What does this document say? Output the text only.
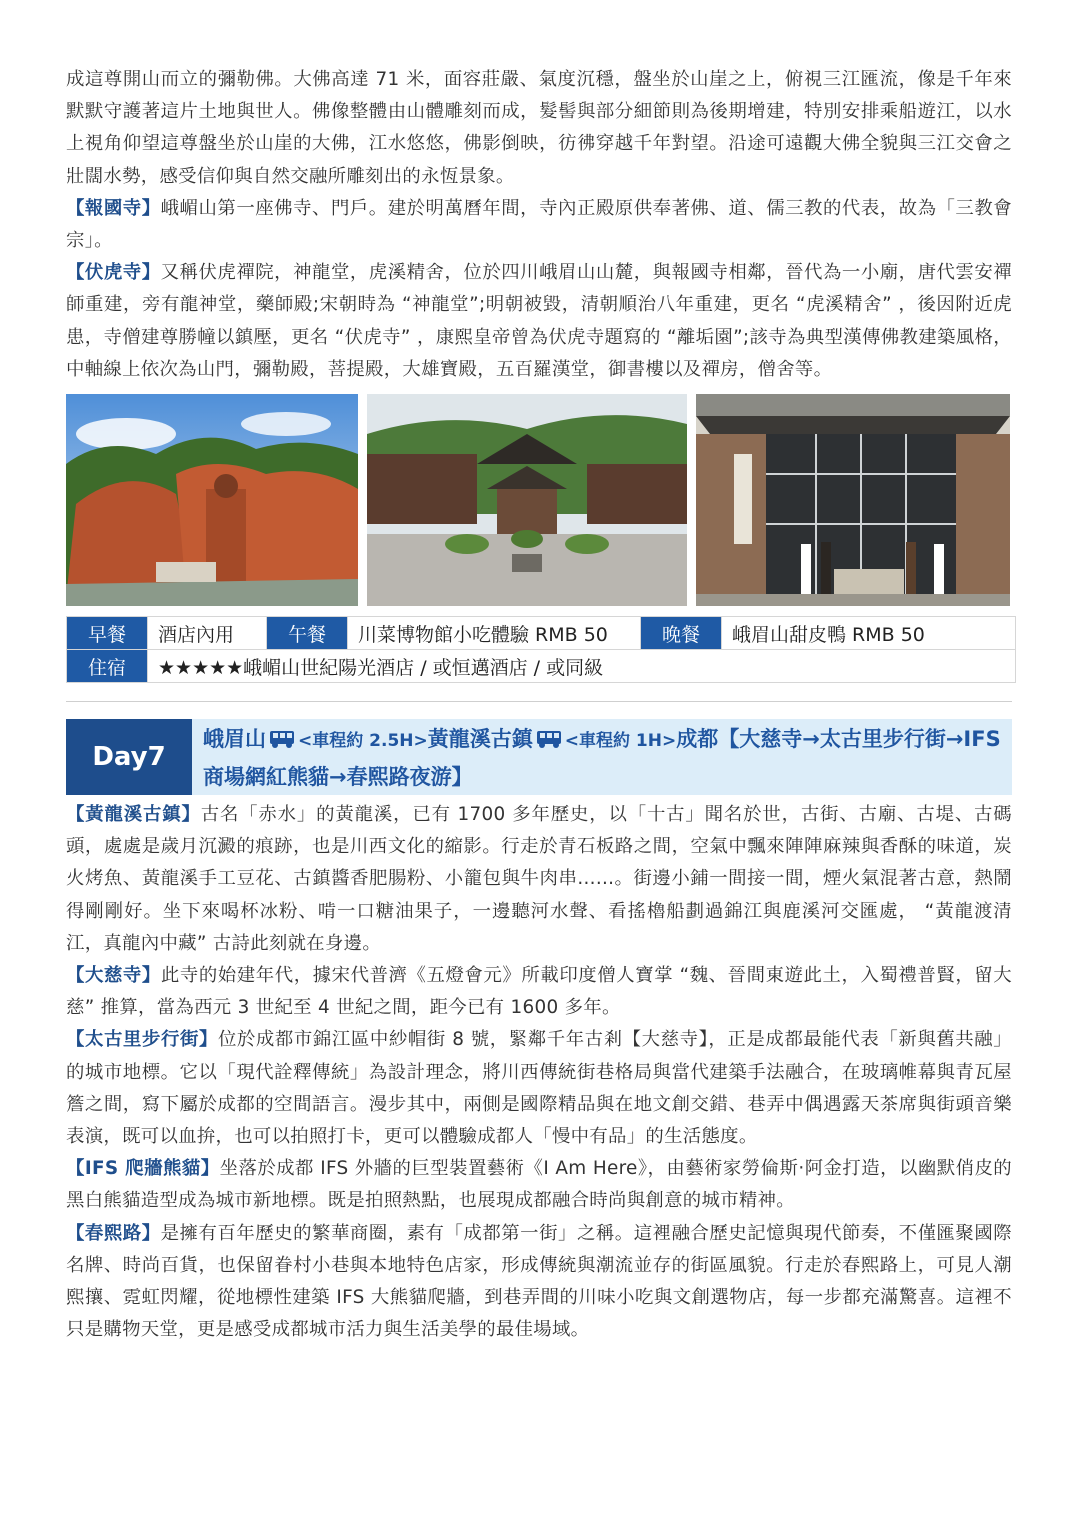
成這尊開山而立的彌勒佛。大佛高達 71 米，面容莊嚴、氣度沉穩，盤坐於山崖之上，俯視三江匯流，像是千年來默默守護著這片土地與世人。佛像整體由山體雕刻而成，髮髻與部分細節則為後期增建，特別安排乘船遊江，以水上視角仰望這尊盤坐於山崖的大佛，江水悠悠，佛影倒映，彷彿穿越千年對望。沿途可遠觀大佛全貌與三江交會之壯闊水勢，感受信仰與自然交融所雕刻出的永恆景象。

【報國寺】峨嵋山第一座佛寺、門戶。建於明萬曆年間，寺內正殿原供奉著佛、道、儒三教的代表，故為「三教會宗」。

【伏虎寺】又稱伏虎禪院，神龍堂，虎溪精舍，位於四川峨眉山山麓，與報國寺相鄰，晉代為一小廟，唐代雲安禪師重建，旁有龍神堂，藥師殿;宋朝時為 “神龍堂”;明朝被毀，清朝順治八年重建，更名 “虎溪精舍” ，後因附近虎患，寺僧建尊勝幢以鎮壓，更名 “伏虎寺” ，康熙皇帝曾為伏虎寺題寫的 “離垢園”;該寺為典型漢傳佛教建築風格，中軸線上依次為山門，彌勒殿，菩提殿，大雄寶殿，五百羅漢堂，御書樓以及禪房，僧舍等。

早餐	酒店內用	午餐	川菜博物館小吃體驗 RMB 50	晚餐	峨眉山甜皮鴨 RMB 50
住宿	★★★★★峨嵋山世紀陽光酒店 / 或恒邁酒店 / 或同級				
Day7
峨眉山 <車程約 2.5H>黃龍溪古鎮 <車程約 1H>成都【大慈寺→太古里步行街→IFS 商場網紅熊貓→春熙路夜游】

【黃龍溪古鎮】古名「赤水」的黃龍溪，已有 1700 多年歷史，以「十古」聞名於世，古街、古廟、古堤、古碼頭，處處是歲月沉澱的痕跡，也是川西文化的縮影。行走於青石板路之間，空氣中飄來陣陣麻辣與香酥的味道，炭火烤魚、黃龍溪手工豆花、古鎮醬香肥腸粉、小籠包與牛肉串......。街邊小鋪一間接一間，煙火氣混著古意，熱鬧得剛剛好。坐下來喝杯冰粉、啃一口糖油果子，一邊聽河水聲、看搖櫓船劃過錦江與鹿溪河交匯處， “黃龍渡清江，真龍內中藏” 古詩此刻就在身邊。

【大慈寺】此寺的始建年代，據宋代普濟《五燈會元》所載印度僧人寶掌 “魏、晉間東遊此土，入蜀禮普賢，留大慈” 推算，當為西元 3 世紀至 4 世紀之間，距今已有 1600 多年。

【太古里步行街】位於成都市錦江區中紗帽街 8 號，緊鄰千年古剎【大慈寺】，正是成都最能代表「新與舊共融」的城市地標。它以「現代詮釋傳統」為設計理念，將川西傳統街巷格局與當代建築手法融合，在玻璃帷幕與青瓦屋簷之間，寫下屬於成都的空間語言。漫步其中，兩側是國際精品與在地文創交錯、巷弄中偶遇露天茶席與街頭音樂表演，既可以血拚，也可以拍照打卡，更可以體驗成都人「慢中有品」的生活態度。

【IFS 爬牆熊貓】坐落於成都 IFS 外牆的巨型裝置藝術《I Am Here》，由藝術家勞倫斯·阿金打造，以幽默俏皮的黑白熊貓造型成為城市新地標。既是拍照熱點，也展現成都融合時尚與創意的城市精神。

【春熙路】是擁有百年歷史的繁華商圈，素有「成都第一街」之稱。這裡融合歷史記憶與現代節奏，不僅匯聚國際名牌、時尚百貨，也保留眷村小巷與本地特色店家，形成傳統與潮流並存的街區風貌。行走於春熙路上，可見人潮熙攘、霓虹閃耀，從地標性建築 IFS 大熊貓爬牆，到巷弄間的川味小吃與文創選物店，每一步都充滿驚喜。這裡不只是購物天堂，更是感受成都城市活力與生活美學的最佳場域。
